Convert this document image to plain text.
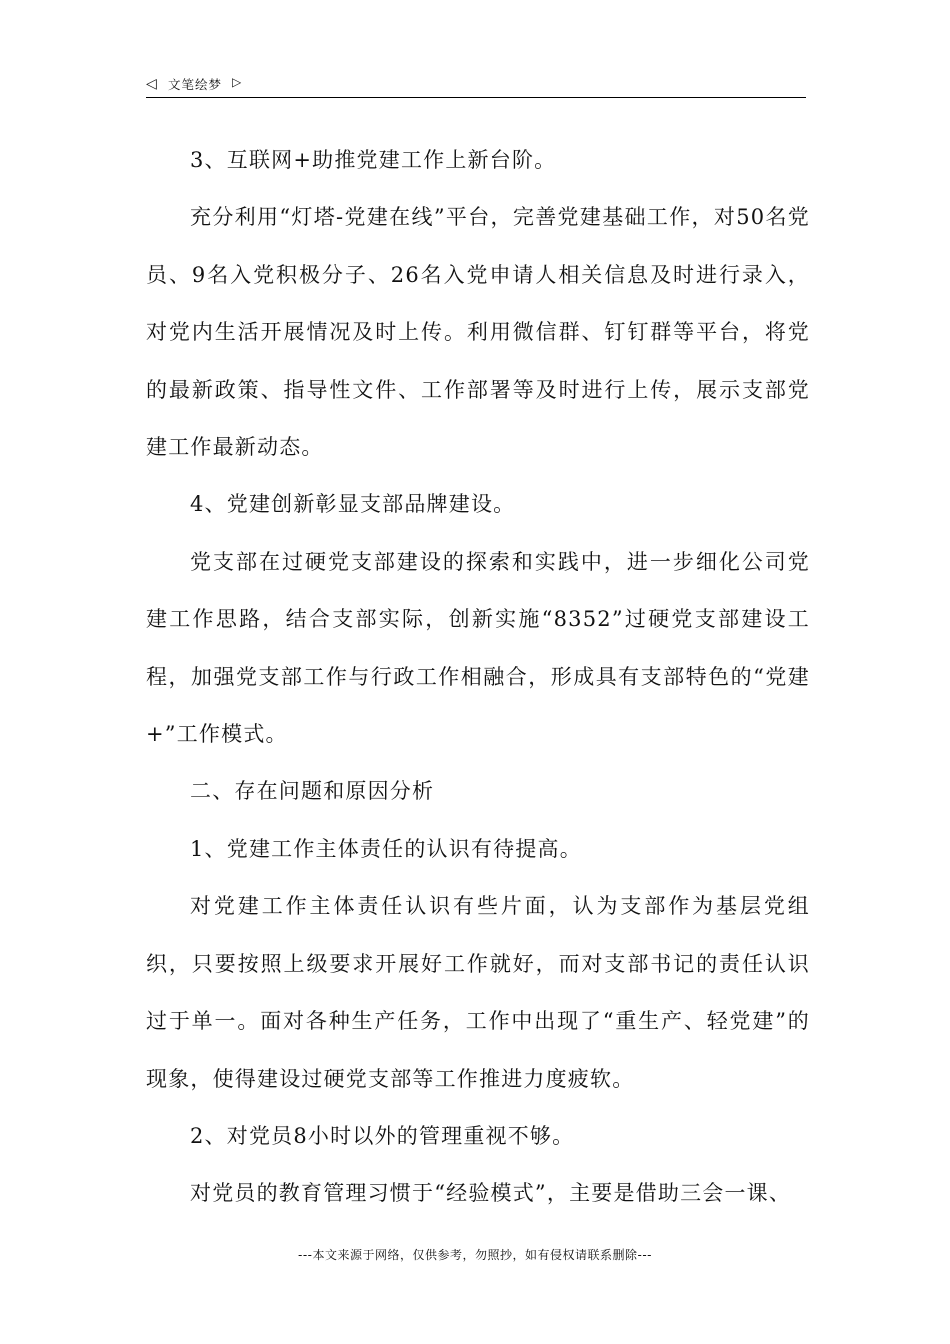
◁ 文笔绘梦 ▷

3、互联网+助推党建工作上新台阶。

充分利用“灯塔-党建在线”平台，完善党建基础工作，对50名党员、9名入党积极分子、26名入党申请人相关信息及时进行录入，对党内生活开展情况及时上传。利用微信群、钉钉群等平台，将党的最新政策、指导性文件、工作部署等及时进行上传，展示支部党建工作最新动态。

4、党建创新彰显支部品牌建设。

党支部在过硬党支部建设的探索和实践中，进一步细化公司党建工作思路，结合支部实际，创新实施“8352”过硬党支部建设工程，加强党支部工作与行政工作相融合，形成具有支部特色的“党建+”工作模式。

二、存在问题和原因分析

1、党建工作主体责任的认识有待提高。

对党建工作主体责任认识有些片面，认为支部作为基层党组织，只要按照上级要求开展好工作就好，而对支部书记的责任认识过于单一。面对各种生产任务，工作中出现了“重生产、轻党建”的现象，使得建设过硬党支部等工作推进力度疲软。

2、对党员8小时以外的管理重视不够。

对党员的教育管理习惯于“经验模式”，主要是借助三会一课、

---本文来源于网络，仅供参考，勿照抄，如有侵权请联系删除---
